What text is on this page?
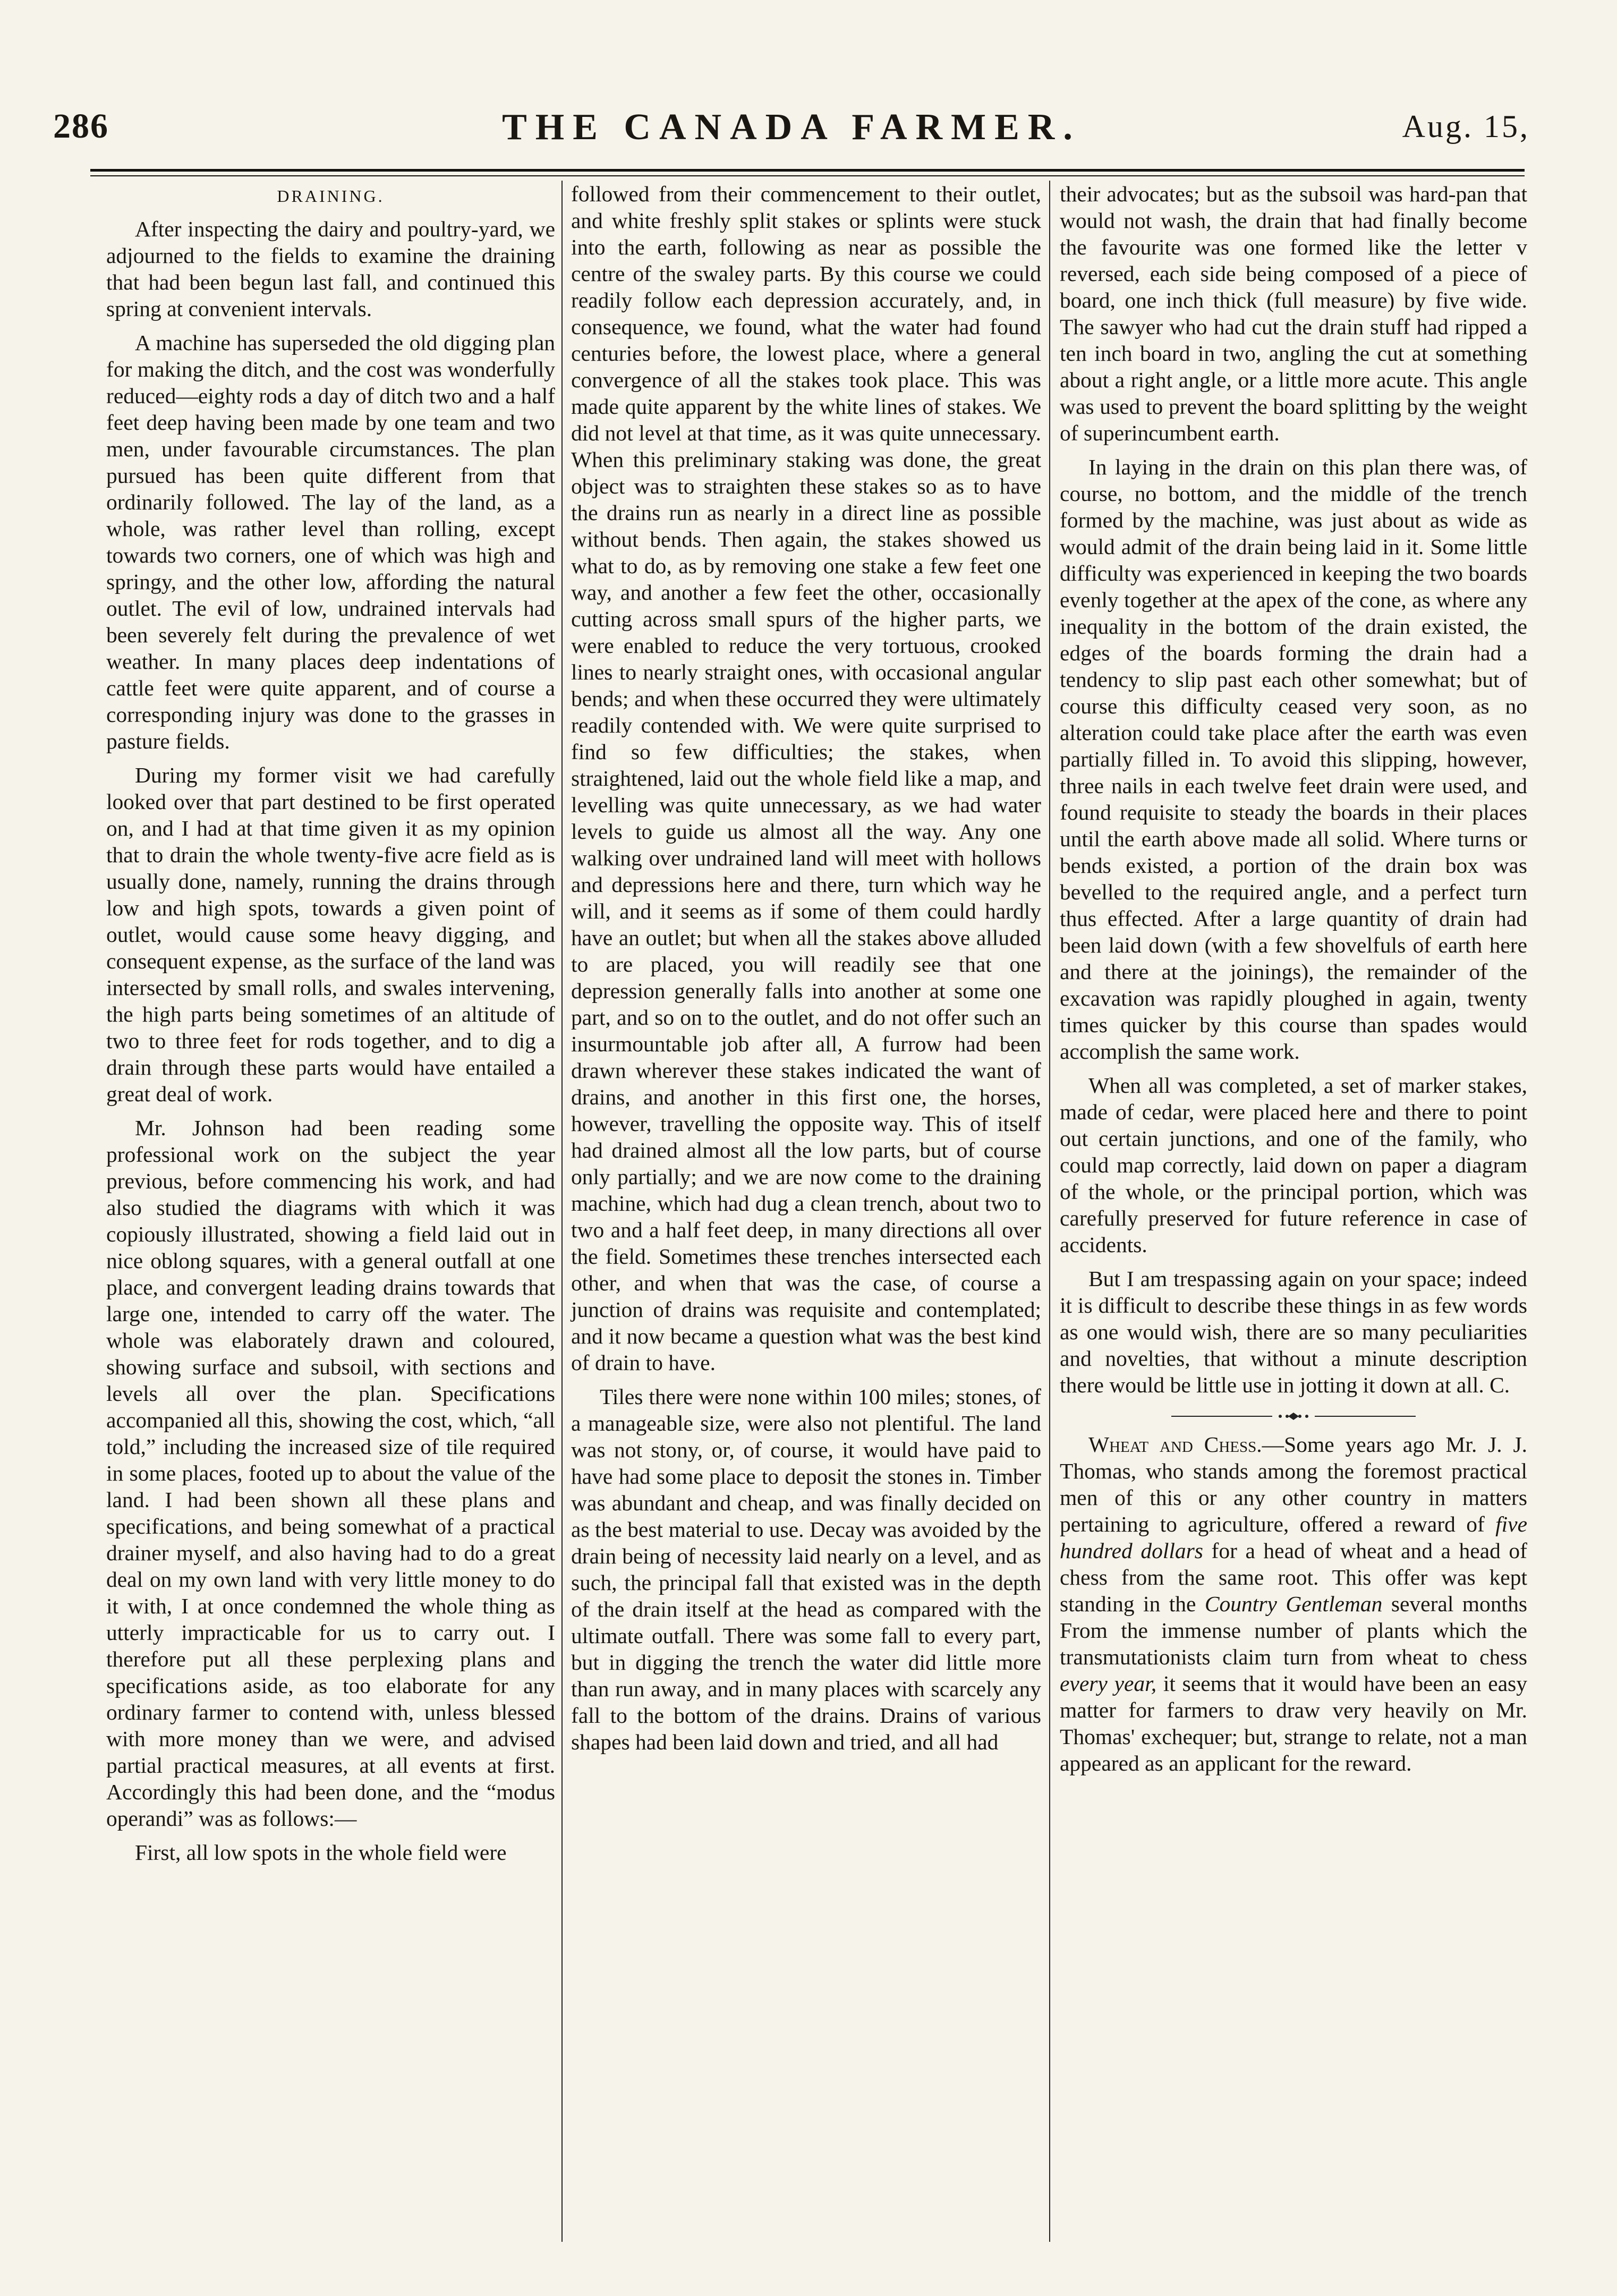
286	THE CANADA FARMER.	Aug. 15,
DRAINING.

After inspecting the dairy and poultry-yard, we adjourned to the fields to examine the draining that had been begun last fall, and continued this spring at convenient intervals.

A machine has superseded the old digging plan for making the ditch, and the cost was wonderfully reduced—eighty rods a day of ditch two and a half feet deep having been made by one team and two men, under favourable circumstances. The plan pursued has been quite different from that ordinarily followed. The lay of the land, as a whole, was rather level than rolling, except towards two corners, one of which was high and springy, and the other low, affording the natural outlet. The evil of low, undrained intervals had been severely felt during the prevalence of wet weather. In many places deep indentations of cattle feet were quite apparent, and of course a corresponding injury was done to the grasses in pasture fields.

During my former visit we had carefully looked over that part destined to be first operated on, and I had at that time given it as my opinion that to drain the whole twenty-five acre field as is usually done, namely, running the drains through low and high spots, towards a given point of outlet, would cause some heavy digging, and consequent expense, as the surface of the land was intersected by small rolls, and swales intervening, the high parts being sometimes of an altitude of two to three feet for rods together, and to dig a drain through these parts would have entailed a great deal of work.

Mr. Johnson had been reading some professional work on the subject the year previous, before commencing his work, and had also studied the diagrams with which it was copiously illustrated, showing a field laid out in nice oblong squares, with a general outfall at one place, and convergent leading drains towards that large one, intended to carry off the water. The whole was elaborately drawn and coloured, showing surface and subsoil, with sections and levels all over the plan. Specifications accompanied all this, showing the cost, which, “all told,” including the increased size of tile required in some places, footed up to about the value of the land. I had been shown all these plans and specifications, and being somewhat of a practical drainer myself, and also having had to do a great deal on my own land with very little money to do it with, I at once condemned the whole thing as utterly impracticable for us to carry out. I therefore put all these perplexing plans and specifications aside, as too elaborate for any ordinary farmer to contend with, unless blessed with more money than we were, and advised partial practical measures, at all events at first. Accordingly this had been done, and the “modus operandi” was as follows:—

First, all low spots in the whole field were

followed from their commencement to their outlet, and white freshly split stakes or splints were stuck into the earth, following as near as possible the centre of the swaley parts. By this course we could readily follow each depression accurately, and, in consequence, we found, what the water had found centuries before, the lowest place, where a general convergence of all the stakes took place. This was made quite apparent by the white lines of stakes. We did not level at that time, as it was quite unnecessary. When this preliminary staking was done, the great object was to straighten these stakes so as to have the drains run as nearly in a direct line as possible without bends. Then again, the stakes showed us what to do, as by removing one stake a few feet one way, and another a few feet the other, occasionally cutting across small spurs of the higher parts, we were enabled to reduce the very tortuous, crooked lines to nearly straight ones, with occasional angular bends; and when these occurred they were ultimately readily contended with. We were quite surprised to find so few difficulties; the stakes, when straightened, laid out the whole field like a map, and levelling was quite unnecessary, as we had water levels to guide us almost all the way. Any one walking over undrained land will meet with hollows and depressions here and there, turn which way he will, and it seems as if some of them could hardly have an outlet; but when all the stakes above alluded to are placed, you will readily see that one depression generally falls into another at some one part, and so on to the outlet, and do not offer such an insurmountable job after all, A furrow had been drawn wherever these stakes indicated the want of drains, and another in this first one, the horses, however, travelling the opposite way. This of itself had drained almost all the low parts, but of course only partially; and we are now come to the draining machine, which had dug a clean trench, about two to two and a half feet deep, in many directions all over the field. Sometimes these trenches intersected each other, and when that was the case, of course a junction of drains was requisite and contemplated; and it now became a question what was the best kind of drain to have.

Tiles there were none within 100 miles; stones, of a manageable size, were also not plentiful. The land was not stony, or, of course, it would have paid to have had some place to deposit the stones in. Timber was abundant and cheap, and was finally decided on as the best material to use. Decay was avoided by the drain being of necessity laid nearly on a level, and as such, the principal fall that existed was in the depth of the drain itself at the head as compared with the ultimate outfall. There was some fall to every part, but in digging the trench the water did little more than run away, and in many places with scarcely any fall to the bottom of the drains. Drains of various shapes had been laid down and tried, and all had

their advocates; but as the subsoil was hard-pan that would not wash, the drain that had finally become the favourite was one formed like the letter v reversed, each side being composed of a piece of board, one inch thick (full measure) by five wide. The sawyer who had cut the drain stuff had ripped a ten inch board in two, angling the cut at something about a right angle, or a little more acute. This angle was used to prevent the board splitting by the weight of superincumbent earth.

In laying in the drain on this plan there was, of course, no bottom, and the middle of the trench formed by the machine, was just about as wide as would admit of the drain being laid in it. Some little difficulty was experienced in keeping the two boards evenly together at the apex of the cone, as where any inequality in the bottom of the drain existed, the edges of the boards forming the drain had a tendency to slip past each other somewhat; but of course this difficulty ceased very soon, as no alteration could take place after the earth was even partially filled in. To avoid this slipping, however, three nails in each twelve feet drain were used, and found requisite to steady the boards in their places until the earth above made all solid. Where turns or bends existed, a portion of the drain box was bevelled to the required angle, and a perfect turn thus effected. After a large quantity of drain had been laid down (with a few shovelfuls of earth here and there at the joinings), the remainder of the excavation was rapidly ploughed in again, twenty times quicker by this course than spades would accomplish the same work.

When all was completed, a set of marker stakes, made of cedar, were placed here and there to point out certain junctions, and one of the family, who could map correctly, laid down on paper a diagram of the whole, or the principal portion, which was carefully preserved for future reference in case of accidents.

But I am trespassing again on your space; indeed it is difficult to describe these things in as few words as one would wish, there are so many peculiarities and novelties, that without a minute description there would be little use in jotting it down at all. C.

Wheat and Chess.—Some years ago Mr. J. J. Thomas, who stands among the foremost practical men of this or any other country in matters pertaining to agriculture, offered a reward of five hundred dollars for a head of wheat and a head of chess from the same root. This offer was kept standing in the Country Gentleman several months From the immense number of plants which the transmutationists claim turn from wheat to chess every year, it seems that it would have been an easy matter for farmers to draw very heavily on Mr. Thomas' exchequer; but, strange to relate, not a man appeared as an applicant for the reward.
